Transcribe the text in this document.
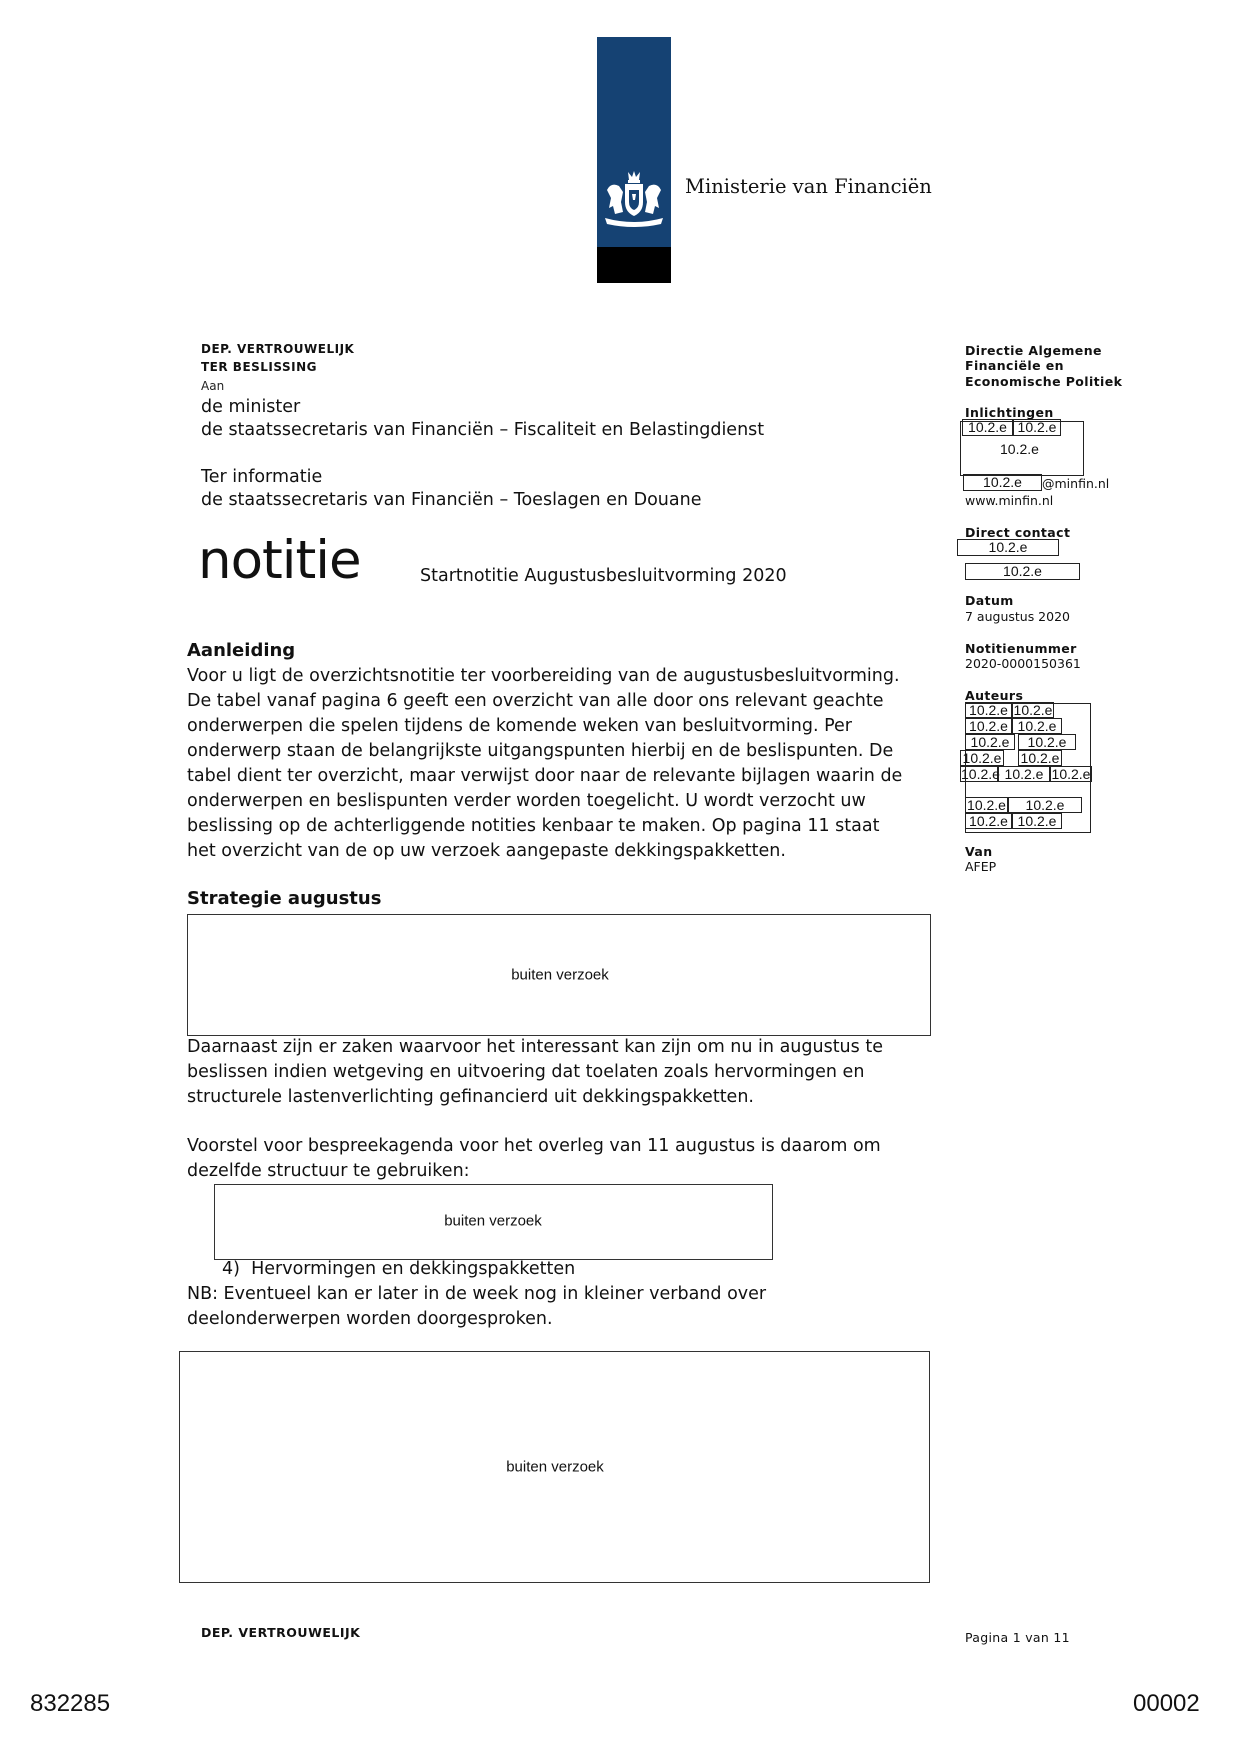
Ministerie van Financiën
DEP. VERTROUWELIJK
TER BESLISSING
Aan
de minister
de staatssecretaris van Financiën – Fiscaliteit en Belastingdienst
Ter informatie
de staatssecretaris van Financiën – Toeslagen en Douane
notitie	Startnotitie Augustusbesluitvorming 2020
Aanleiding
Voor u ligt de overzichtsnotitie ter voorbereiding van de augustusbesluitvorming.
De tabel vanaf pagina 6 geeft een overzicht van alle door ons relevant geachte
onderwerpen die spelen tijdens de komende weken van besluitvorming. Per
onderwerp staan de belangrijkste uitgangspunten hierbij en de beslispunten. De
tabel dient ter overzicht, maar verwijst door naar de relevante bijlagen waarin de
onderwerpen en beslispunten verder worden toegelicht. U wordt verzocht uw
beslissing op de achterliggende notities kenbaar te maken. Op pagina 11 staat
het overzicht van de op uw verzoek aangepaste dekkingspakketten.
Strategie augustus
buiten verzoek
Daarnaast zijn er zaken waarvoor het interessant kan zijn om nu in augustus te
beslissen indien wetgeving en uitvoering dat toelaten zoals hervormingen en
structurele lastenverlichting gefinancierd uit dekkingspakketten.
Voorstel voor bespreekagenda voor het overleg van 11 augustus is daarom om
dezelfde structuur te gebruiken:
buiten verzoek
4)  Hervormingen en dekkingspakketten
NB: Eventueel kan er later in de week nog in kleiner verband over
deelonderwerpen worden doorgesproken.
buiten verzoek
Directie Algemene
Financiële en
Economische Politiek
Inlichtingen
10.2.e 10.2.e
10.2.e
10.2.e	@minfin.nl
www.minfin.nl
Direct contact
10.2.e
10.2.e
Datum
7 augustus 2020
Notitienummer
2020-0000150361
Auteurs
10.2.e 10.2.e
10.2.e 10.2.e
10.2.e	10.2.e
10.2.e 10.2.e
10.2.e 10.2.e 10.2.e
10.2.e	10.2.e
10.2.e 10.2.e
Van
AFEP
DEP. VERTROUWELIJK	Pagina 1 van 11
832285	00002
